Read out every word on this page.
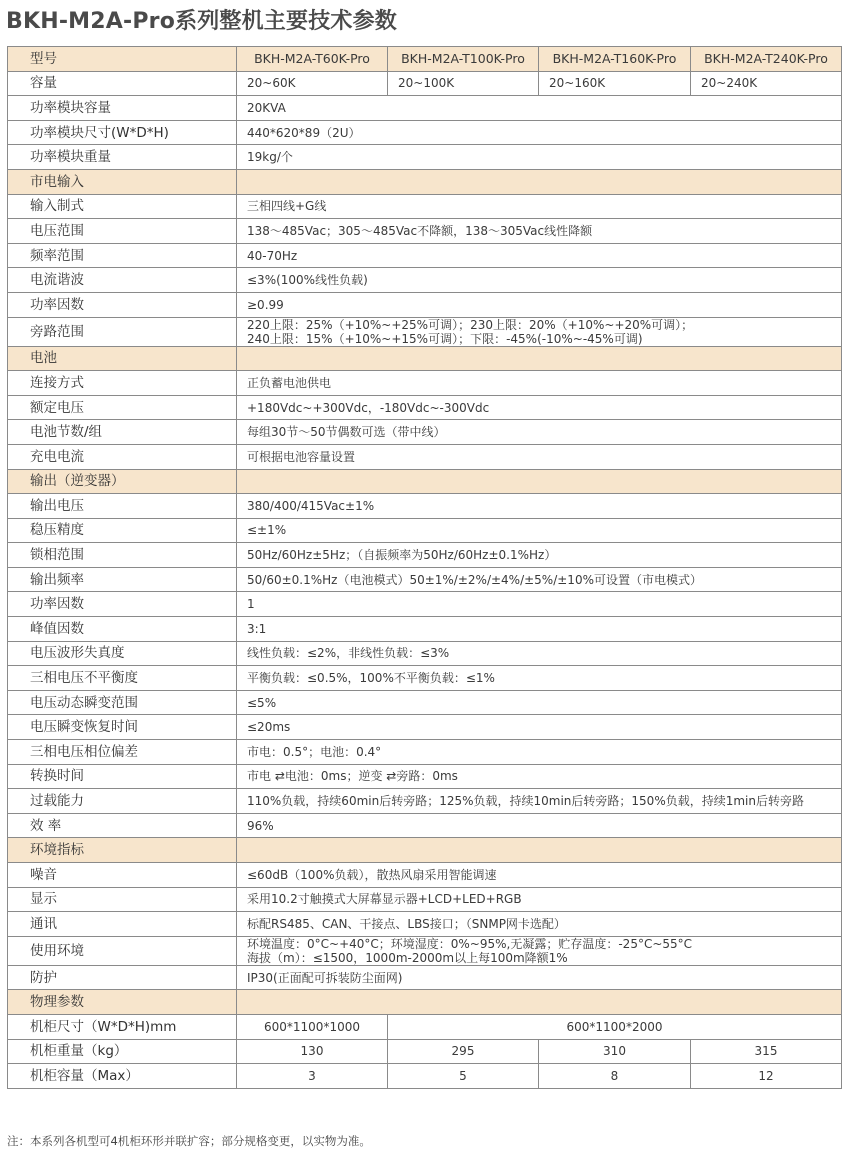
BKH-M2A-Pro系列整机主要技术参数
型号	BKH-M2A-T60K-Pro	BKH-M2A-T100K-Pro	BKH-M2A-T160K-Pro	BKH-M2A-T240K-Pro
容量	20~60K	20~100K	20~160K	20~240K
功率模块容量	20KVA			
功率模块尺寸(W*D*H)	440*620*89（2U）			
功率模块重量	19kg/个			
市电输入				
输入制式	三相四线+G线			
电压范围	138～485Vac；305～485Vac不降额，138～305Vac线性降额			
频率范围	40-70Hz			
电流谐波	≤3%(100%线性负载)			
功率因数	≥0.99			
旁路范围	220上限：25%（+10%~+25%可调）；230上限：20%（+10%~+20%可调）；
240上限：15%（+10%~+15%可调）；下限：-45%(-10%~-45%可调)			

电池				
连接方式	正负蓄电池供电			
额定电压	+180Vdc~+300Vdc，-180Vdc~-300Vdc			
电池节数/组	每组30节～50节偶数可选（带中线）			
充电电流	可根据电池容量设置			
输出（逆变器）				
输出电压	380/400/415Vac±1%			
稳压精度	≤±1%			
锁相范围	50Hz/60Hz±5Hz；（自振频率为50Hz/60Hz±0.1%Hz）			
输出频率	50/60±0.1%Hz（电池模式）50±1%/±2%/±4%/±5%/±10%可设置（市电模式）			
功率因数	1			
峰值因数	3:1			
电压波形失真度	线性负载：≤2%，非线性负载：≤3%			
三相电压不平衡度	平衡负载：≤0.5%，100%不平衡负载：≤1%			
电压动态瞬变范围	≤5%			
电压瞬变恢复时间	≤20ms			
三相电压相位偏差	市电：0.5°；电池：0.4°			
转换时间	市电 ⇄电池：0ms；逆变 ⇄旁路：0ms			
过载能力	110%负载，持续60min后转旁路；125%负载，持续10min后转旁路；150%负载，持续1min后转旁路			
效 率	96%			
环境指标				
噪音	≤60dB（100%负载），散热风扇采用智能调速			
显示	采用10.2寸触摸式大屏幕显示器+LCD+LED+RGB			
通讯	标配RS485、CAN、干接点、LBS接口；（SNMP网卡选配）			
使用环境	环境温度：0°C~+40°C；环境湿度：0%~95%,无凝露；贮存温度：-25°C~55°C
海拔（m）：≤1500，1000m-2000m以上每100m降额1%			

防护	IP30(正面配可拆装防尘面网)			
物理参数				
机柜尺寸（W*D*H)mm	600*1100*1000	600*1100*2000		
机柜重量（kg）	130	295	310	315
机柜容量（Max）	3	5	8	12

注：本系列各机型可4机柜环形并联扩容；部分规格变更，以实物为准。
